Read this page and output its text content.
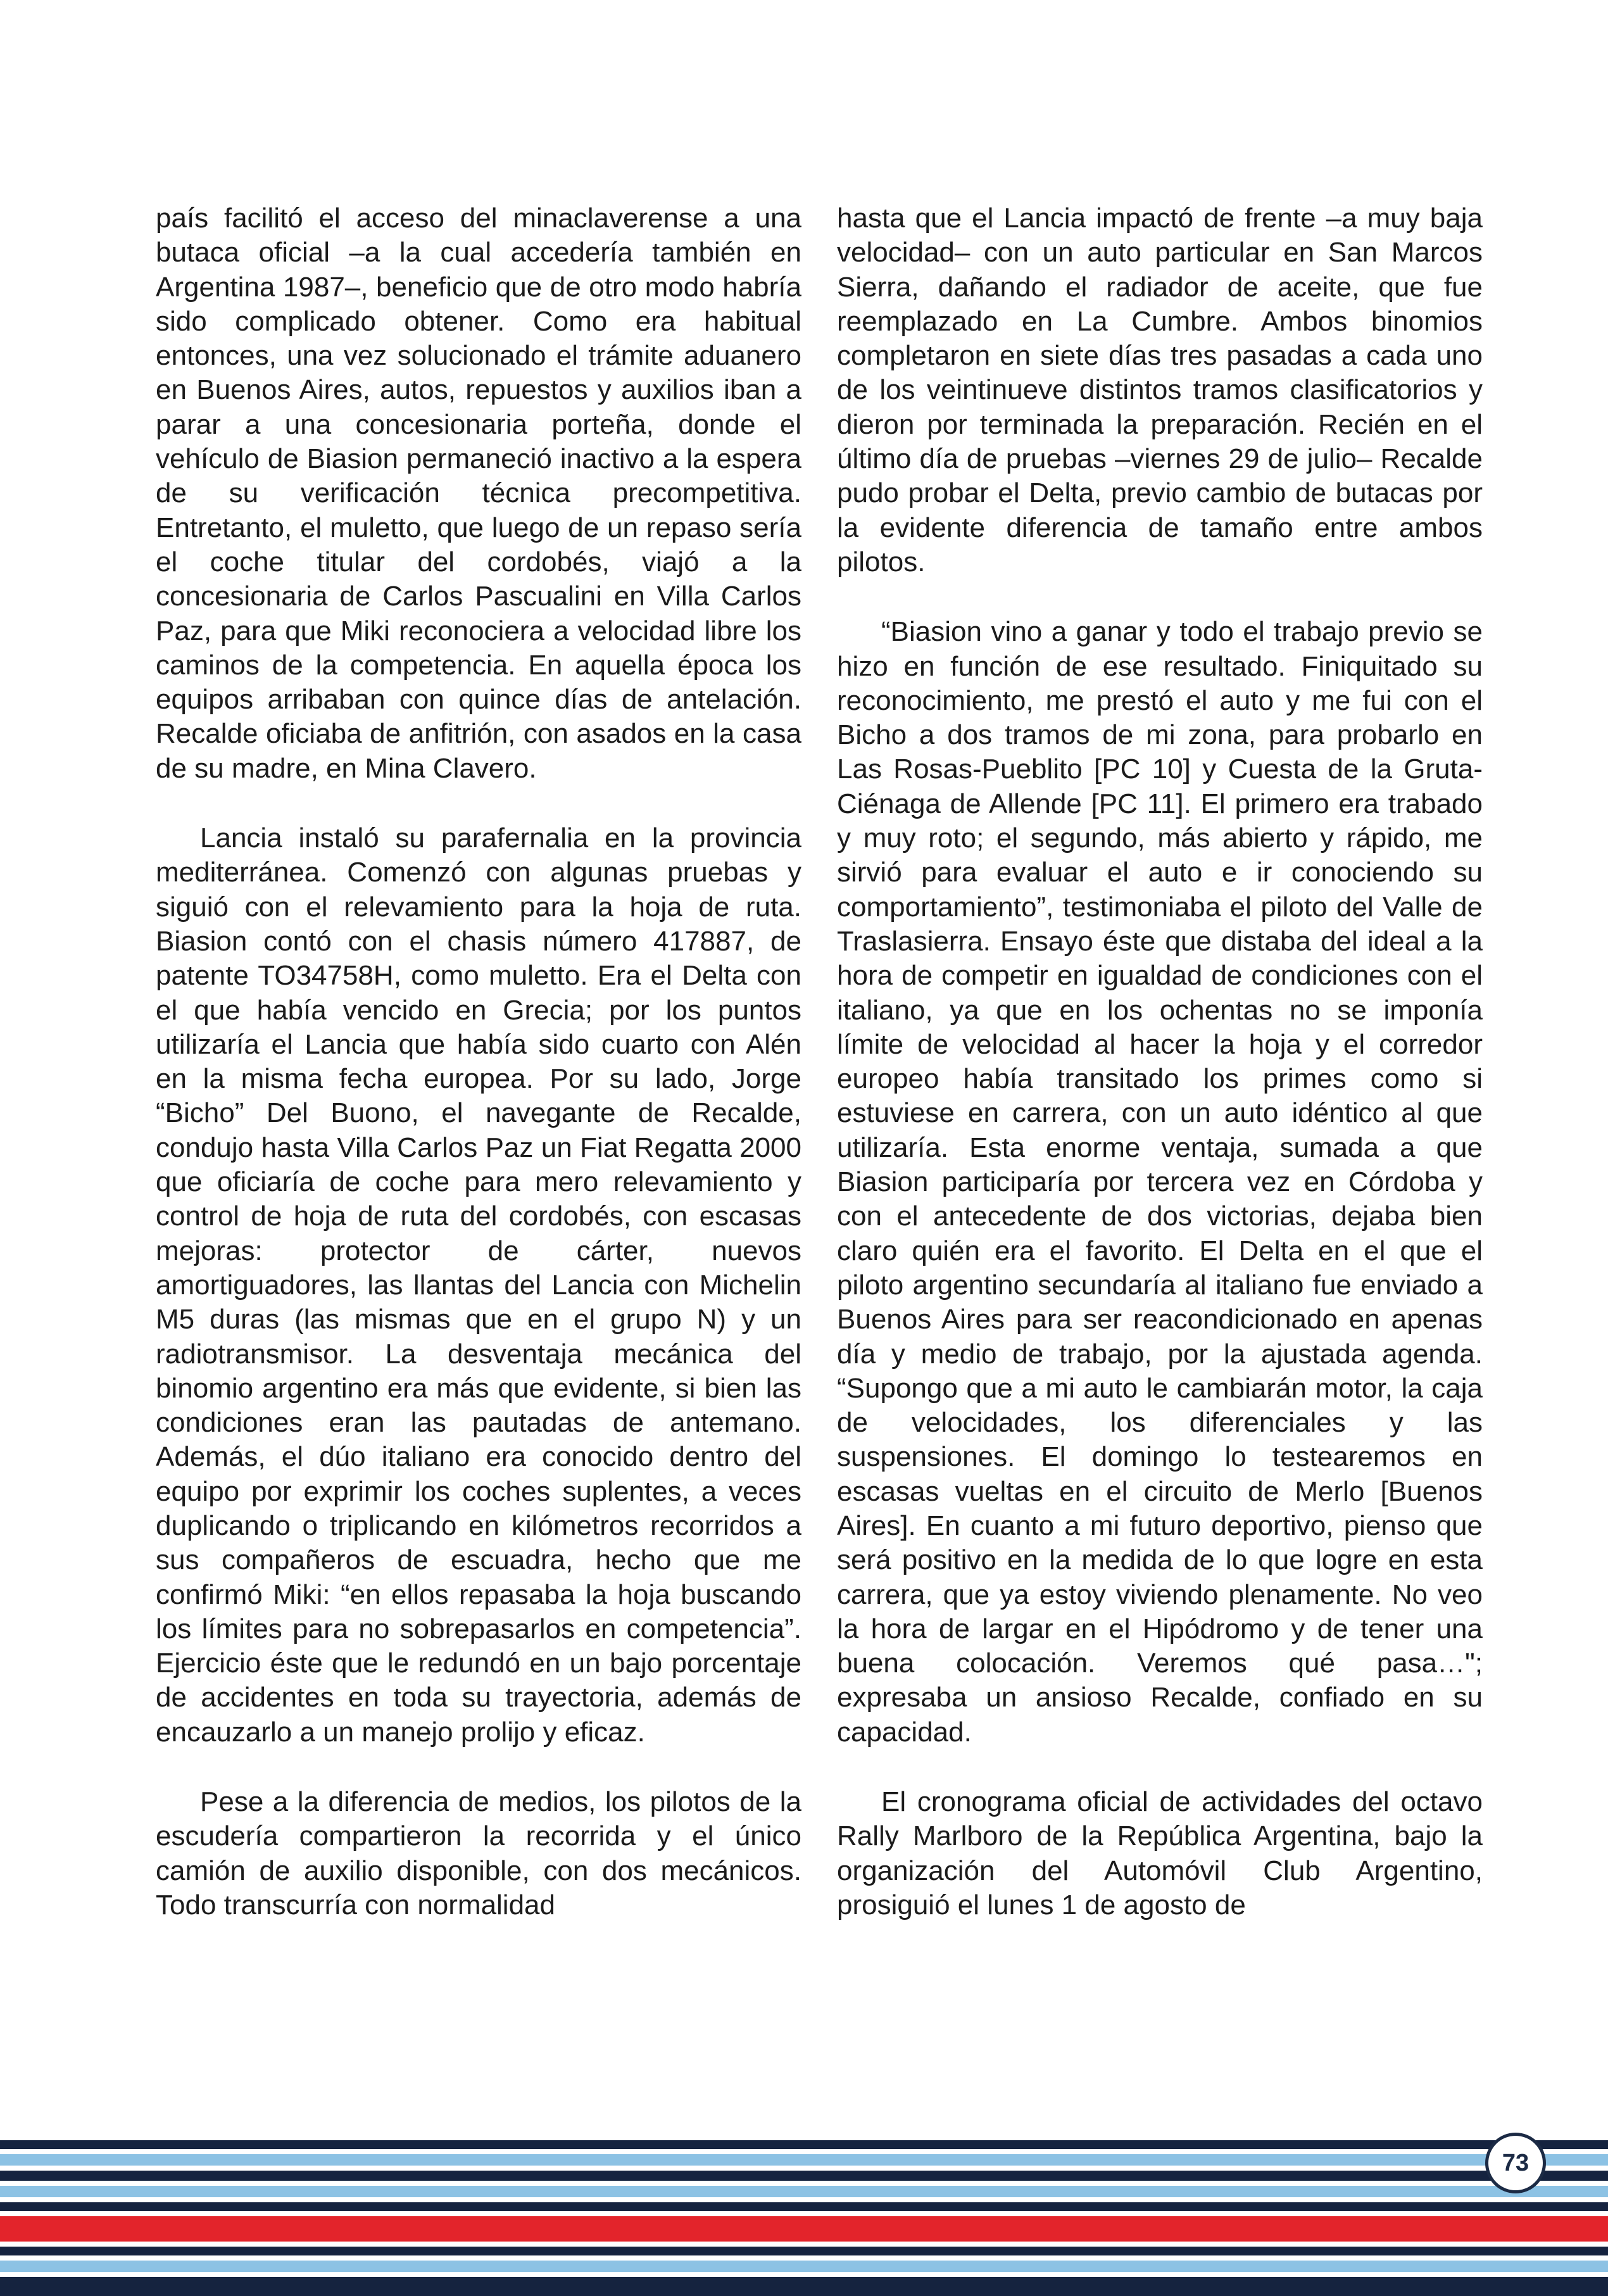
país facilitó el acceso del minaclaverense a una butaca oficial –a la cual accedería también en Argentina 1987–, beneficio que de otro modo habría sido complicado obtener. Como era habitual entonces, una vez solucionado el trámite aduanero en Buenos Aires, autos, repuestos y auxilios iban a parar a una concesionaria porteña, donde el vehículo de Biasion permaneció inactivo a la espera de su verificación técnica precompetitiva. Entretanto, el muletto, que luego de un repaso sería el coche titular del cordobés, viajó a la concesionaria de Carlos Pascualini en Villa Carlos Paz, para que Miki reconociera a velocidad libre los caminos de la competencia. En aquella época los equipos arribaban con quince días de antelación. Recalde oficiaba de anfitrión, con asados en la casa de su madre, en Mina Clavero.

Lancia instaló su parafernalia en la provincia mediterránea. Comenzó con algunas pruebas y siguió con el relevamiento para la hoja de ruta. Biasion contó con el chasis número 417887, de patente TO34758H, como muletto. Era el Delta con el que había vencido en Grecia; por los puntos utilizaría el Lancia que había sido cuarto con Alén en la misma fecha europea. Por su lado, Jorge “Bicho” Del Buono, el navegante de Recalde, condujo hasta Villa Carlos Paz un Fiat Regatta 2000 que oficiaría de coche para mero relevamiento y control de hoja de ruta del cordobés, con escasas mejoras: protector de cárter, nuevos amortiguadores, las llantas del Lancia con Michelin M5 duras (las mismas que en el grupo N) y un radiotransmisor. La desventaja mecánica del binomio argentino era más que evidente, si bien las condiciones eran las pautadas de antemano. Además, el dúo italiano era conocido dentro del equipo por exprimir los coches suplentes, a veces duplicando o triplicando en kilómetros recorridos a sus compañeros de escuadra, hecho que me confirmó Miki: “en ellos repasaba la hoja buscando los límites para no sobrepasarlos en competencia”. Ejercicio éste que le redundó en un bajo porcentaje de accidentes en toda su trayectoria, además de encauzarlo a un manejo prolijo y eficaz.

Pese a la diferencia de medios, los pilotos de la escudería compartieron la recorrida y el único camión de auxilio disponible, con dos mecánicos. Todo transcurría con normalidad

hasta que el Lancia impactó de frente –a muy baja velocidad– con un auto particular en San Marcos Sierra, dañando el radiador de aceite, que fue reemplazado en La Cumbre. Ambos binomios completaron en siete días tres pasadas a cada uno de los veintinueve distintos tramos clasificatorios y dieron por terminada la preparación. Recién en el último día de pruebas –viernes 29 de julio– Recalde pudo probar el Delta, previo cambio de butacas por la evidente diferencia de tamaño entre ambos pilotos.

“Biasion vino a ganar y todo el trabajo previo se hizo en función de ese resultado. Finiquitado su reconocimiento, me prestó el auto y me fui con el Bicho a dos tramos de mi zona, para probarlo en Las Rosas-Pueblito [PC 10] y Cuesta de la Gruta-Ciénaga de Allende [PC 11]. El primero era trabado y muy roto; el segundo, más abierto y rápido, me sirvió para evaluar el auto e ir conociendo su comportamiento”, testimoniaba el piloto del Valle de Traslasierra. Ensayo éste que distaba del ideal a la hora de competir en igualdad de condiciones con el italiano, ya que en los ochentas no se imponía límite de velocidad al hacer la hoja y el corredor europeo había transitado los primes como si estuviese en carrera, con un auto idéntico al que utilizaría. Esta enorme ventaja, sumada a que Biasion participaría por tercera vez en Córdoba y con el antecedente de dos victorias, dejaba bien claro quién era el favorito. El Delta en el que el piloto argentino secundaría al italiano fue enviado a Buenos Aires para ser reacondicionado en apenas día y medio de trabajo, por la ajustada agenda. “Supongo que a mi auto le cambiarán motor, la caja de velocidades, los diferenciales y las suspensiones. El domingo lo testearemos en escasas vueltas en el circuito de Merlo [Buenos Aires]. En cuanto a mi futuro deportivo, pienso que será positivo en la medida de lo que logre en esta carrera, que ya estoy viviendo plenamente. No veo la hora de largar en el Hipódromo y de tener una buena colocación. Veremos qué pasa…"; expresaba un ansioso Recalde, confiado en su capacidad.

El cronograma oficial de actividades del octavo Rally Marlboro de la República Argentina, bajo la organización del Automóvil Club Argentino, prosiguió el lunes 1 de agosto de

73
